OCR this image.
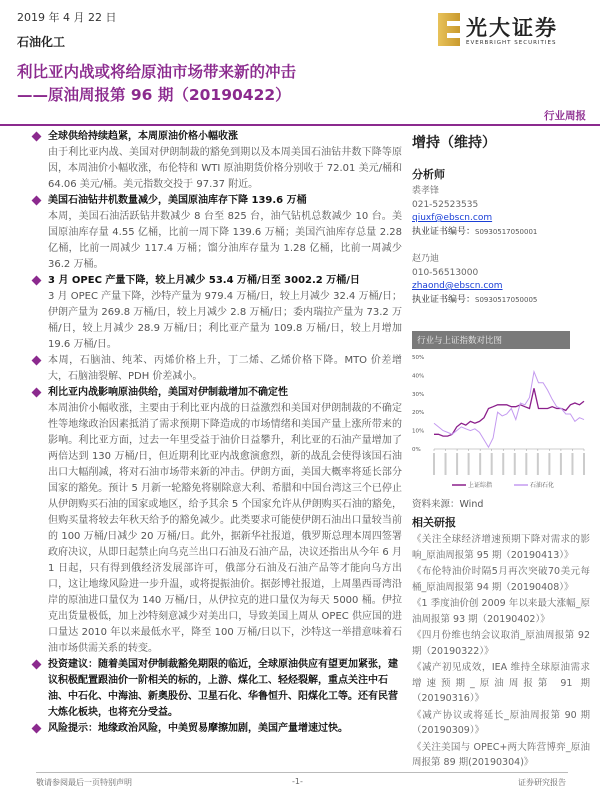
2019 年 4 月 22 日
石油化工
利比亚内战或将给原油市场带来新的冲击
——原油周报第 96 期（20190422）
光大证券
EVERBRIGHT SECURITIES
行业周报
全球供给持续趋紧，本周原油价格小幅收涨
由于利比亚内战、美国对伊朗制裁的豁免到期以及本周美国石油钻井数下降等原因，本周油价小幅收涨，布伦特和 WTI 原油期货价格分别收于 72.01 美元/桶和 64.06 美元/桶。美元指数交投于 97.37 附近。
美国石油钻井机数量减少，美国原油库存下降 139.6 万桶
本周，美国石油活跃钻井数减少 8 台至 825 台，油气钻机总数减少 10 台。美国原油库存量 4.55 亿桶，比前一周下降 139.6 万桶；美国汽油库存总量 2.28 亿桶，比前一周减少 117.4 万桶；馏分油库存量为 1.28 亿桶，比前一周减少 36.2 万桶。
3 月 OPEC 产量下降，较上月减少 53.4 万桶/日至 3002.2 万桶/日
3 月 OPEC 产量下降，沙特产量为 979.4 万桶/日，较上月减少 32.4 万桶/日；伊朗产量为 269.8 万桶/日，较上月减少 2.8 万桶/日；委内瑞拉产量为 73.2 万桶/日，较上月减少 28.9 万桶/日；利比亚产量为 109.8 万桶/日，较上月增加 19.6 万桶/日。
本周，石脑油、纯苯、丙烯价格上升，丁二烯、乙烯价格下降。MTO 价差增大，石脑油裂解、PDH 价差减小。
利比亚内战影响原油供给，美国对伊制裁增加不确定性
本周油价小幅收涨，主要由于利比亚内战的日益激烈和美国对伊朗制裁的不确定性等地缘政治因素抵消了需求预期下降造成的市场情绪和美国产量上涨所带来的影响。利比亚方面，过去一年里受益于油价日益攀升，利比亚的石油产量增加了两倍达到 130 万桶/日，但近期利比亚内战愈演愈烈，新的战乱会使得该国石油出口大幅削减，将对石油市场带来新的冲击。伊朗方面，美国大概率将延长部分国家的豁免。预计 5 月新一轮豁免将剔除意大利、希腊和中国台湾这三个已停止从伊朗购买石油的国家或地区，给予其余 5 个国家允许从伊朗购买石油的豁免，但购买量将较去年秋天给予的豁免减少。此类要求可能使伊朗石油出口量较当前的 100 万桶/日减少 20 万桶/日。此外，据新华社报道，俄罗斯总理本周四签署政府决议，从即日起禁止向乌克兰出口石油及石油产品，决议还指出从今年 6 月 1 日起，只有得到俄经济发展部许可，俄部分石油及石油产品等才能向乌方出口，这让地缘风险进一步升温，或将提振油价。据彭博社报道，上周墨西哥湾沿岸的原油进口量仅为 140 万桶/日，从伊拉克的进口量仅为每天 5000 桶。伊拉克出货量极低，加上沙特刻意减少对美出口，导致美国上周从 OPEC 供应国的进口量达 2010 年以来最低水平，降至 100 万桶/日以下，沙特这一举措意味着石油市场供需关系的转变。
投资建议：随着美国对伊制裁豁免期限的临近，全球原油供应有望更加紧张，建议积极配置跟油价一阶相关的标的，上游、煤化工、轻烃裂解，重点关注中石油、中石化、中海油、新奥股份、卫星石化、华鲁恒升、阳煤化工等。还有民营大炼化板块，也将充分受益。
风险提示：地缘政治风险，中美贸易摩擦加剧，美国产量增速过快。
增持（维持）
分析师
裘孝锋
021-52523535
qiuxf@ebscn.com
执业证书编号：S0930517050001
赵乃迪
010-56513000
zhaond@ebscn.com
执业证书编号：S0930517050005
行业与上证指数对比图
50%
40%
30%
20%
10%
0%
上证综指	石油石化
资料来源：Wind
相关研报
《关注全球经济增速预期下降对需求的影响_原油周报第 95 期（20190413）》
《布伦特油价时隔5月再次突破70美元每桶_原油周报第 94 期（20190408）》
《1 季度油价创 2009 年以来最大涨幅_原油周报第 93 期（20190402）》
《四月份维也纳会议取消_原油周报第 92 期（20190322）》
《减产初见成效，IEA 维持全球原油需求增速预期_原油周报第 91 期（20190316）》
《减产协议或将延长_原油周报第 90 期（20190309）》
《关注美国与 OPEC+两大阵营博弈_原油周报第 89 期(20190304)》
敬请参阅最后一页特别声明	-1-	证券研究报告
